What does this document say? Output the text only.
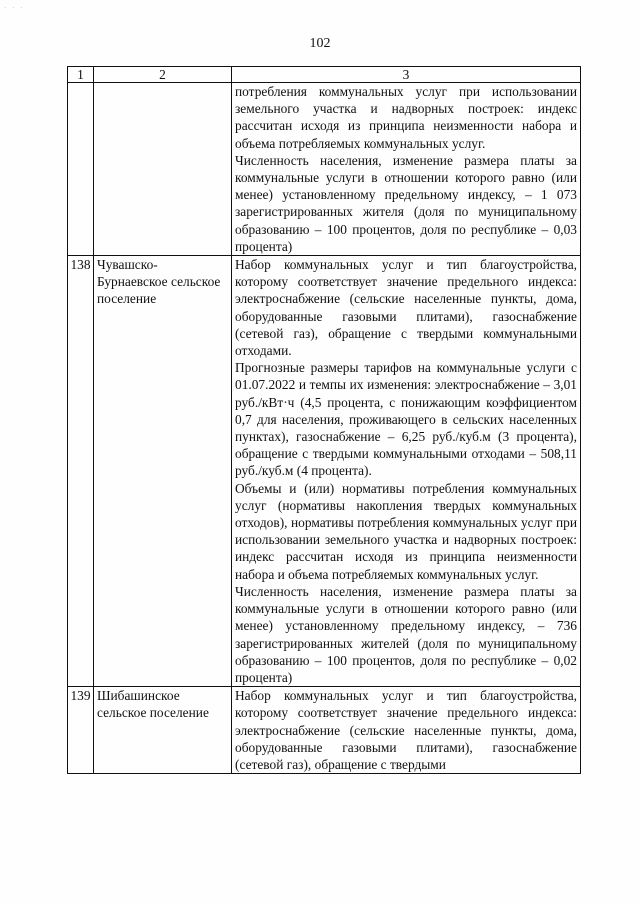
· · ·
102
1	2	3

		потребления коммунальных услуг при использовании земельного участка и надворных построек: индекс рассчитан исходя из принципа неизменности набора и объема потребляемых коммунальных услуг.
Численность населения, изменение размера платы за коммунальные услуги в отношении которого равно (или менее) установленному предельному индексу, – 1 073 зарегистрированных жителя (доля по муниципальному образованию – 100 процентов, доля по республике – 0,03 процента)

138	Чувашско-Бурнаевское сельское поселение	Набор коммунальных услуг и тип благоустройства, которому соответствует значение предельного индекса: электроснабжение (сельские населенные пункты, дома, оборудованные газовыми плитами), газоснабжение (сетевой газ), обращение с твердыми коммунальными отходами.
Прогнозные размеры тарифов на коммунальные услуги с 01.07.2022 и темпы их изменения: электроснабжение – 3,01 руб./кВт·ч (4,5 процента, с понижающим коэффициентом 0,7 для населения, проживающего в сельских населенных пунктах), газоснабжение – 6,25 руб./куб.м (3 процента), обращение с твердыми коммунальными отходами – 508,11 руб./куб.м (4 процента).
Объемы и (или) нормативы потребления коммунальных услуг (нормативы накопления твердых коммунальных отходов), нормативы потребления коммунальных услуг при использовании земельного участка и надворных построек: индекс рассчитан исходя из принципа неизменности набора и объема потребляемых коммунальных услуг.
Численность населения, изменение размера платы за коммунальные услуги в отношении которого равно (или менее) установленному предельному индексу, – 736 зарегистрированных жителей (доля по муниципальному образованию – 100 процентов, доля по республике – 0,02 процента)

139	Шибашинское сельское поселение	Набор коммунальных услуг и тип благоустройства, которому соответствует значение предельного индекса: электроснабжение (сельские населенные пункты, дома, оборудованные газовыми плитами), газоснабжение (сетевой газ), обращение с твердыми
